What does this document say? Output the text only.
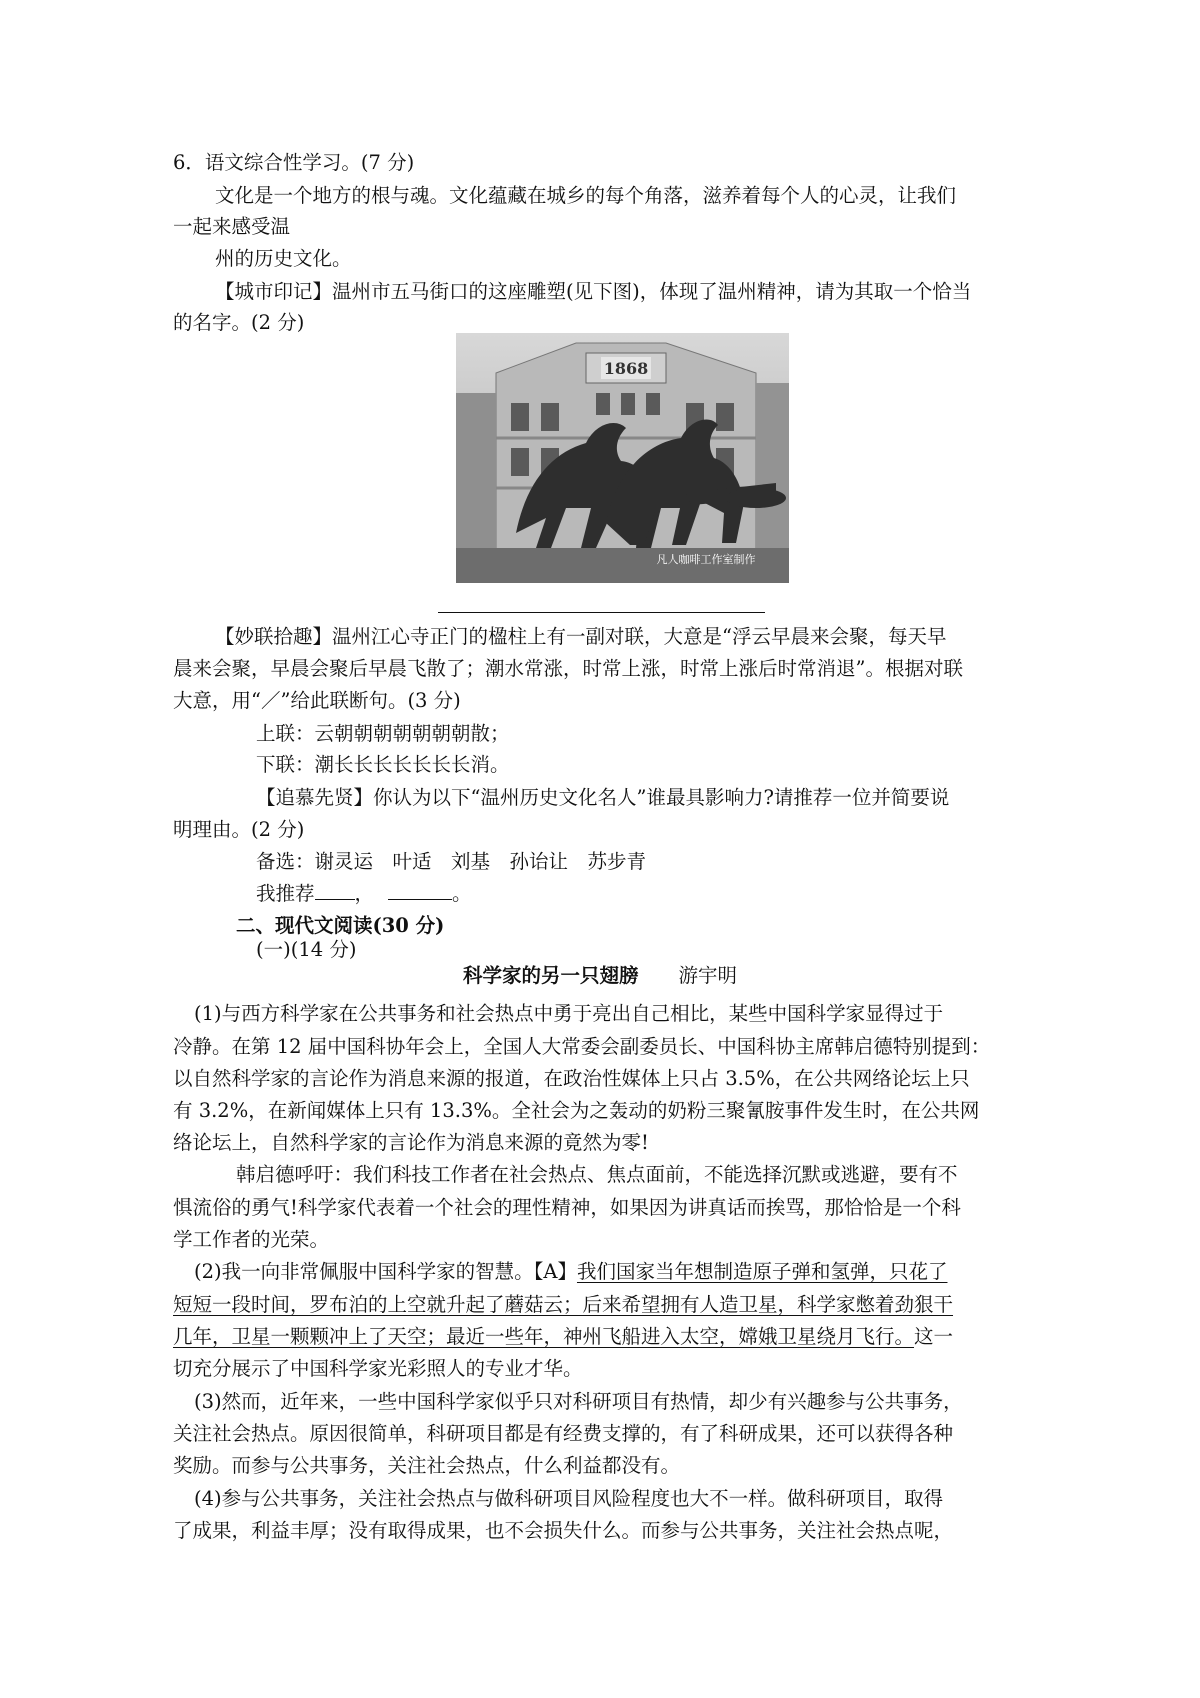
6．语文综合性学习。(7 分)
文化是一个地方的根与魂。文化蕴藏在城乡的每个角落，滋养着每个人的心灵，让我们
一起来感受温
州的历史文化。
【城市印记】温州市五马街口的这座雕塑(见下图)，体现了温州精神，请为其取一个恰当
的名字。(2 分)
1868
凡人咖啡工作室制作
【妙联拾趣】温州江心寺正门的楹柱上有一副对联，大意是“浮云早晨来会聚，每天早
晨来会聚，早晨会聚后早晨飞散了；潮水常涨，时常上涨，时常上涨后时常消退”。根据对联
大意，用“／”给此联断句。(3 分)
上联：云朝朝朝朝朝朝朝散；
下联：潮长长长长长长长消。
【追慕先贤】你认为以下“温州历史文化名人”谁最具影响力?请推荐一位并简要说
明理由。(2 分)
备选：谢灵运　叶适　刘基　孙诒让　苏步青
我推荐 ，	。
二、现代文阅读(30 分)
(一)(14 分)
科学家的另一只翅膀 游宇明
(1)与西方科学家在公共事务和社会热点中勇于亮出自己相比，某些中国科学家显得过于
冷静。在第 12 届中国科协年会上，全国人大常委会副委员长、中国科协主席韩启德特别提到：
以自然科学家的言论作为消息来源的报道，在政治性媒体上只占 3.5%，在公共网络论坛上只
有 3.2%，在新闻媒体上只有 13.3%。全社会为之轰动的奶粉三聚氰胺事件发生时，在公共网
络论坛上，自然科学家的言论作为消息来源的竟然为零!
韩启德呼吁：我们科技工作者在社会热点、焦点面前，不能选择沉默或逃避，要有不
惧流俗的勇气!科学家代表着一个社会的理性精神，如果因为讲真话而挨骂，那恰恰是一个科
学工作者的光荣。
(2)我一向非常佩服中国科学家的智慧。【A】我们国家当年想制造原子弹和氢弹，只花了
短短一段时间，罗布泊的上空就升起了蘑菇云；后来希望拥有人造卫星，科学家憋着劲狠干
几年，卫星一颗颗冲上了天空；最近一些年，神州飞船进入太空，嫦娥卫星绕月飞行。这一
切充分展示了中国科学家光彩照人的专业才华。
(3)然而，近年来，一些中国科学家似乎只对科研项目有热情，却少有兴趣参与公共事务，
关注社会热点。原因很简单，科研项目都是有经费支撑的，有了科研成果，还可以获得各种
奖励。而参与公共事务，关注社会热点，什么利益都没有。
(4)参与公共事务，关注社会热点与做科研项目风险程度也大不一样。做科研项目，取得
了成果，利益丰厚；没有取得成果，也不会损失什么。而参与公共事务，关注社会热点呢，
